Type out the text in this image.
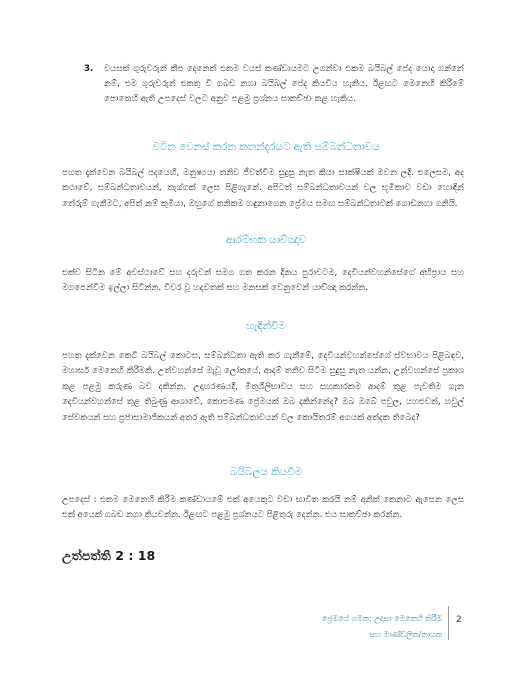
3. වයසක් ගුරුවරුන් කීප දෙනෙක් එකම වයස් කණ්ඩායමට උගන්වා එකම බයිබල් පේද යොදා ගන්නේ නම්, එම ගුරුවරුන් එකතු වී ගබඩ නගා බයිබල් පේද කියවිය හැකිය. ඊළඟට මෙනෙහි කිරීමේ පොතෙහි ඇති උපදෙස් වලට අනුව පළමු ප්‍රශ්නය සාකච්ඡා කළ හැකිය.
වටින වෙනස් කරන කතන්දරයට ඇති සම්බන්ධතාවය
පහත දැක්වෙන බයිබල් පදයෙහි, මනුෂ්‍යයා තනිව ජීවත්වීම සුදුසු නැත කියා සාක්ෂියක් මවන ලදී. එලෙසම, අද කථාවේ, සම්බන්ධතාවයන්, තැග්ගක් ලෙස පිළිගැනේ. අපිටත් සම්බන්ධතාවයන් වල භූමිකාව වඩා හොඳින් තේරුම් ගැනීමට, අපිත් නම් කුමියා, ඔහුගේ තනිකම හඳුනාගෙන ප්‍රේමය සමඟ සම්බන්ධතාවක් ගොඩනගා ගනියි.
ආරම්භක යාච්ඤාව
එක්ව සිටින මේ අවස්ථාවේ සහ දරුවන් සමග ගත කරන දිනය පුරාවටම, දෙවියන්වහන්සේගේ අභිප්‍රාය සහ මගපෙන්වීම ඉල්ලා සිටින්න. විවර වූ හදවතක් සහ මනසක් වෙනුවෙන් යාච්ඤා කරන්න.
හැඳින්වීම
පහත දැක්වෙන කෙටි බයිබල් කොටස, සම්බන්ධතා ඇති කර ගැනීමේ, දෙවියන්වහන්සේගේ ස්වභාවය පිළිබඳව, මහාර්ඝ මෙනෙහි කිරීමකි. උත්වහන්සේ මැවූ ලෝකයේ, ආදම් තනිව සිටීම සුදුසු නැත යන්න, උන්වහන්සේ ප්‍රකාශ කළ පළමු කරුණ බව දකින්න. උදාහරණයදී, මිතුශීලිභාවය සහ සහකාරකම ආදම් තුළ පැවතිම ගැන දෙවියන්වහන්සේ තුළ තිබුණු ආශාවේ, කොපමණ ප්‍රේමයක් ඔබ දකින්නේද? ඔබ ඔබේ පවුල, යහළුවන්, හවුල් සේවකයන් සහ ප්‍රජාසාමාජිකයන් අතර ඇති සම්බන්ධතාවයන් වල කොයිතරම් අගයක් අත්දක තිබෙද?
බයිබලය කියවීම
උපදෙස් : එකම මෙනෙහි කිරීම කණ්ඩායමේ එක් අයෙකුට වඩා භාවිත කරයි නම් අනික් කෙනාට ඇසෙන ලෙස එක් අයෙක් ගබඩ නගා කියවන්න. ඊළඟට පළමු ප්‍රශ්නයට පිළිතුරු දෙන්න. එය සාකච්ඡා කරන්න.
උත්පත්ති 2 : 18
ප්‍රේමයේ ගමන: උදාසා මෙනෙහි කිරීම
සහ මාණ්ඩලික/නායක
2
